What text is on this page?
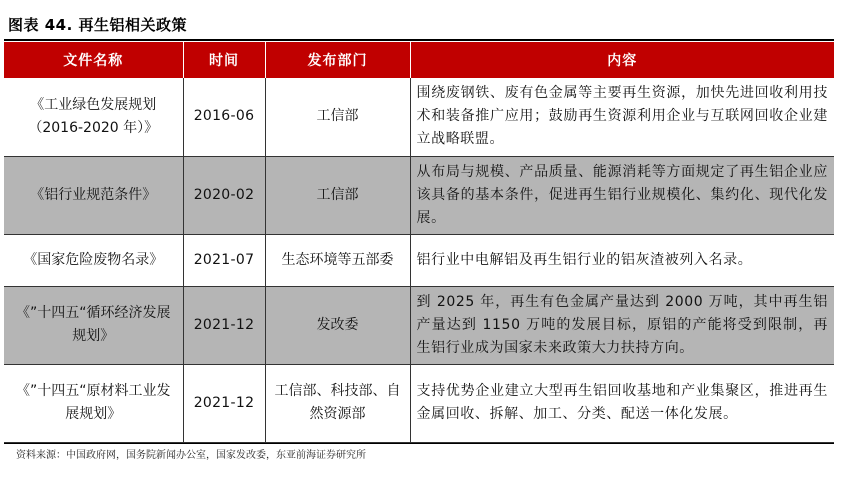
图表 44. 再生铝相关政策
文件名称	时间	发布部门	内容
《工业绿色发展规划（2016-2020 年）》	2016-06	工信部	围绕废钢铁、废有色金属等主要再生资源，加快先进回收利用技术和装备推广应用；鼓励再生资源利用企业与互联网回收企业建立战略联盟。
《铝行业规范条件》	2020-02	工信部	从布局与规模、产品质量、能源消耗等方面规定了再生铝企业应该具备的基本条件，促进再生铝行业规模化、集约化、现代化发展。
《国家危险废物名录》	2021-07	生态环境等五部委	铝行业中电解铝及再生铝行业的铝灰渣被列入名录。
《”十四五“循环经济发展规划》	2021-12	发改委	到 2025 年，再生有色金属产量达到 2000 万吨，其中再生铝产量达到 1150 万吨的发展目标，原铝的产能将受到限制，再生铝行业成为国家未来政策大力扶持方向。
《”十四五“原材料工业发展规划》	2021-12	工信部、科技部、自然资源部	支持优势企业建立大型再生铝回收基地和产业集聚区，推进再生金属回收、拆解、加工、分类、配送一体化发展。
资料来源：中国政府网，国务院新闻办公室，国家发改委，东亚前海证券研究所
